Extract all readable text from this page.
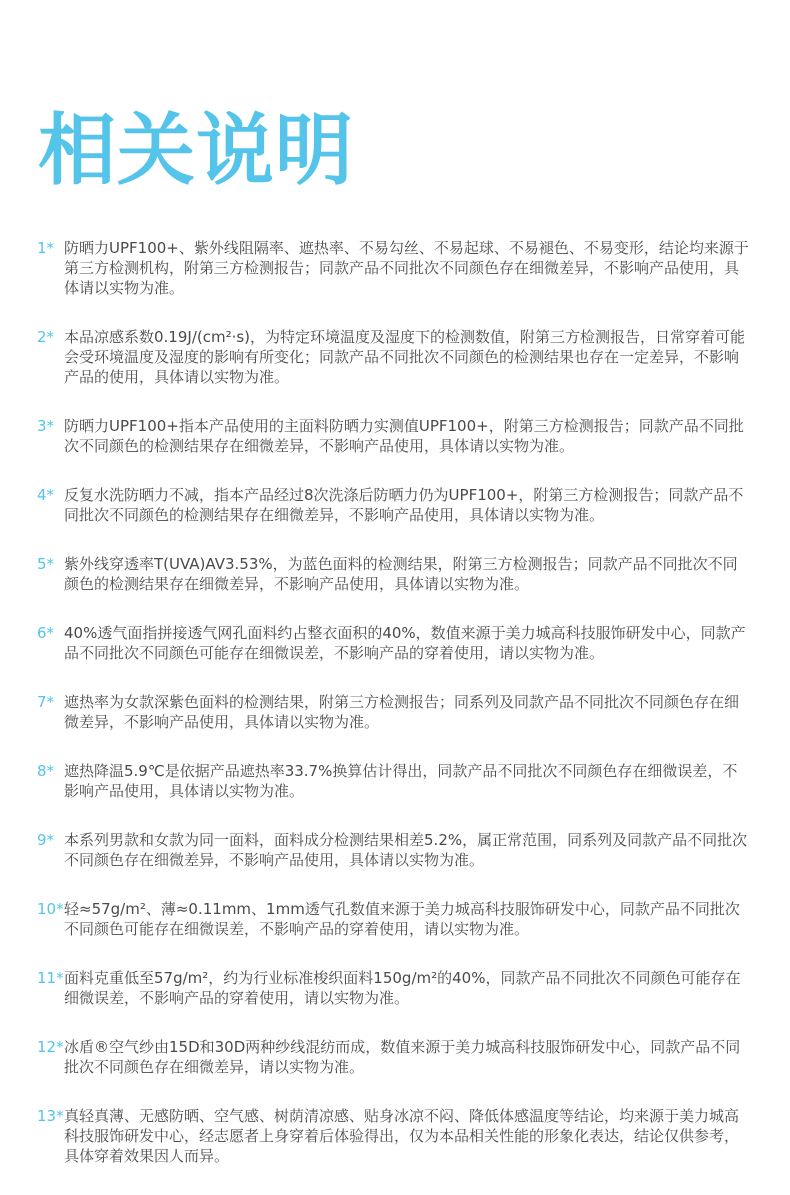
相关说明
1* 防晒力UPF100+、紫外线阻隔率、遮热率、不易勾丝、不易起球、不易褪色、不易变形，结论均来源于第三方检测机构，附第三方检测报告；同款产品不同批次不同颜色存在细微差异，不影响产品使用，具体请以实物为准。
2* 本品凉感系数0.19J/(cm²·s)，为特定环境温度及湿度下的检测数值，附第三方检测报告，日常穿着可能会受环境温度及湿度的影响有所变化；同款产品不同批次不同颜色的检测结果也存在一定差异，不影响产品的使用，具体请以实物为准。
3* 防晒力UPF100+指本产品使用的主面料防晒力实测值UPF100+，附第三方检测报告；同款产品不同批次不同颜色的检测结果存在细微差异，不影响产品使用，具体请以实物为准。
4* 反复水洗防晒力不减，指本产品经过8次洗涤后防晒力仍为UPF100+，附第三方检测报告；同款产品不同批次不同颜色的检测结果存在细微差异，不影响产品使用，具体请以实物为准。
5* 紫外线穿透率T(UVA)AV3.53%，为蓝色面料的检测结果，附第三方检测报告；同款产品不同批次不同颜色的检测结果存在细微差异，不影响产品使用，具体请以实物为准。
6* 40%透气面指拼接透气网孔面料约占整衣面积的40%，数值来源于美力城高科技服饰研发中心，同款产品不同批次不同颜色可能存在细微误差，不影响产品的穿着使用，请以实物为准。
7* 遮热率为女款深紫色面料的检测结果，附第三方检测报告；同系列及同款产品不同批次不同颜色存在细微差异，不影响产品使用，具体请以实物为准。
8* 遮热降温5.9℃是依据产品遮热率33.7%换算估计得出，同款产品不同批次不同颜色存在细微误差，不影响产品使用，具体请以实物为准。
9* 本系列男款和女款为同一面料，面料成分检测结果相差5.2%，属正常范围，同系列及同款产品不同批次不同颜色存在细微差异，不影响产品使用，具体请以实物为准。
10* 轻≈57g/m²、薄≈0.11mm、1mm透气孔数值来源于美力城高科技服饰研发中心，同款产品不同批次不同颜色可能存在细微误差，不影响产品的穿着使用，请以实物为准。
11* 面料克重低至57g/m²，约为行业标准梭织面料150g/m²的40%，同款产品不同批次不同颜色可能存在细微误差，不影响产品的穿着使用，请以实物为准。
12* 冰盾®空气纱由15D和30D两种纱线混纺而成，数值来源于美力城高科技服饰研发中心，同款产品不同批次不同颜色存在细微差异，请以实物为准。
13* 真轻真薄、无感防晒、空气感、树荫清凉感、贴身冰凉不闷、降低体感温度等结论，均来源于美力城高科技服饰研发中心，经志愿者上身穿着后体验得出，仅为本品相关性能的形象化表达，结论仅供参考，具体穿着效果因人而异。
